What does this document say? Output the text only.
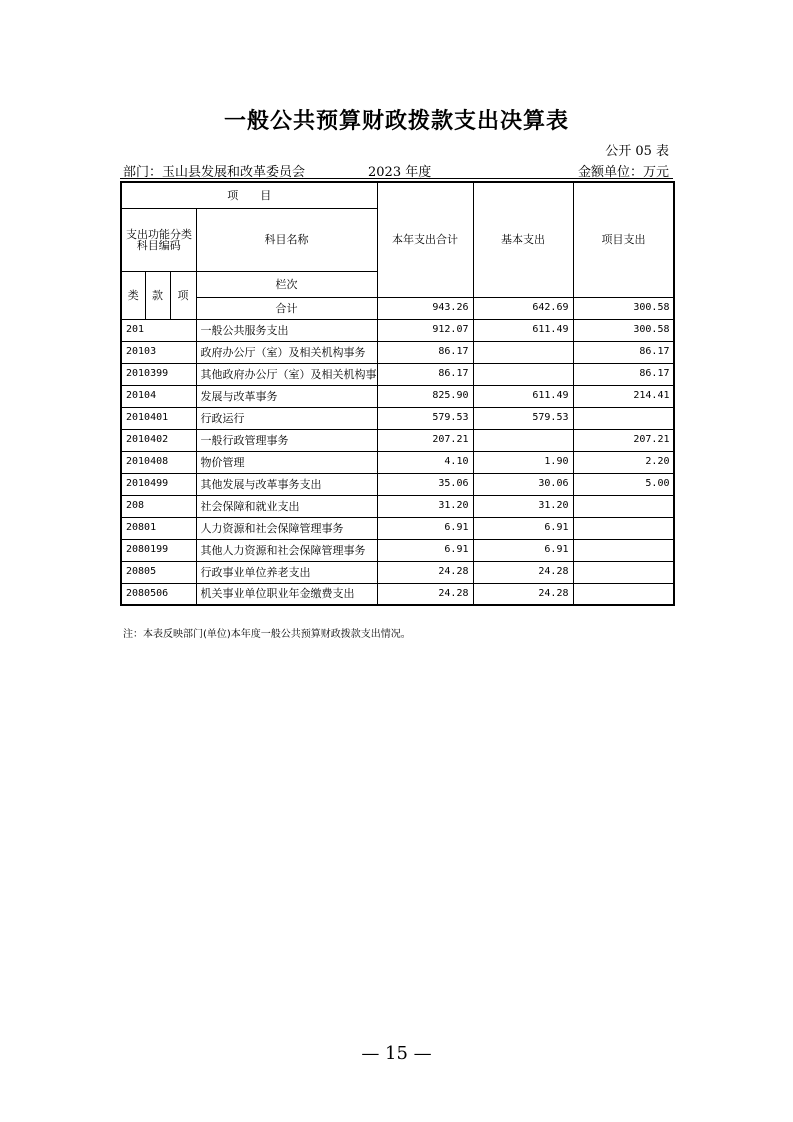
一般公共预算财政拨款支出决算表
公开 05 表
部门：玉山县发展和改革委员会	2023 年度	金额单位：万元
项　　目				本年支出合计	基本支出	项目支出	
支出功能分类
科目编码			科目名称				
类	款	项	栏次			
			合计	943.26	642.69	300.58	
201			一般公共服务支出	912.07	611.49	300.58	
20103			政府办公厅（室）及相关机构事务	86.17		86.17	
2010399			其他政府办公厅（室）及相关机构事	86.17		86.17	
20104			发展与改革事务	825.90	611.49	214.41	
2010401			行政运行	579.53	579.53		
2010402			一般行政管理事务	207.21		207.21	
2010408			物价管理	4.10	1.90	2.20	
2010499			其他发展与改革事务支出	35.06	30.06	5.00	
208			社会保障和就业支出	31.20	31.20		
20801			人力资源和社会保障管理事务	6.91	6.91		
2080199			其他人力资源和社会保障管理事务	6.91	6.91		
20805			行政事业单位养老支出	24.28	24.28		
2080506			机关事业单位职业年金缴费支出	24.28	24.28		
注：本表反映部门(单位)本年度一般公共预算财政拨款支出情况。
— 15 —
